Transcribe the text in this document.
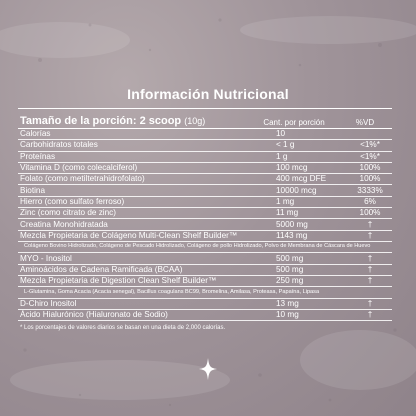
Información Nutricional
Tamaño de la porción: 2 scoop (10g)	Cant. por porción	%VD
Calorías	10
Carbohidratos totales	< 1 g	<1%*
Proteínas	1 g	<1%*
Vitamina D (como colecalciferol)	100 mcg	100%
Folato (como metiltetrahidrofolato)	400 mcg DFE	100%
Biotina	10000 mcg	3333%
Hierro (como sulfato ferroso)	1 mg	6%
Zinc (como citrato de zinc)	11 mg	100%
Creatina Monohidratada	5000 mg	†
Mezcla Propietaria de Colágeno Multi-Clean Shelf Builder™	1143 mg	†
Colágeno Bovino Hidrolizado, Colágeno de Pescado Hidrolizado, Colágeno de pollo Hidrolizado, Polvo de Membrana de Cáscara de Huevo
MYO - Inositol	500 mg	†
Aminoácidos de Cadena Ramificada (BCAA)	500 mg	†
Mezcla Propietaria de Digestion Clean Shelf Builder™	250 mg	†
L-Glutamina, Goma Acacia (Acacia senegal), Bacillus coagulans BC99, Bromelina, Amilasa, Proteasa, Papaína, Lipasa
D-Chiro Inositol	13 mg	†
Ácido Hialurónico (Hialuronato de Sodio)	10 mg	†
* Los porcentajes de valores diarios se basan en una dieta de 2,000 calorías.
